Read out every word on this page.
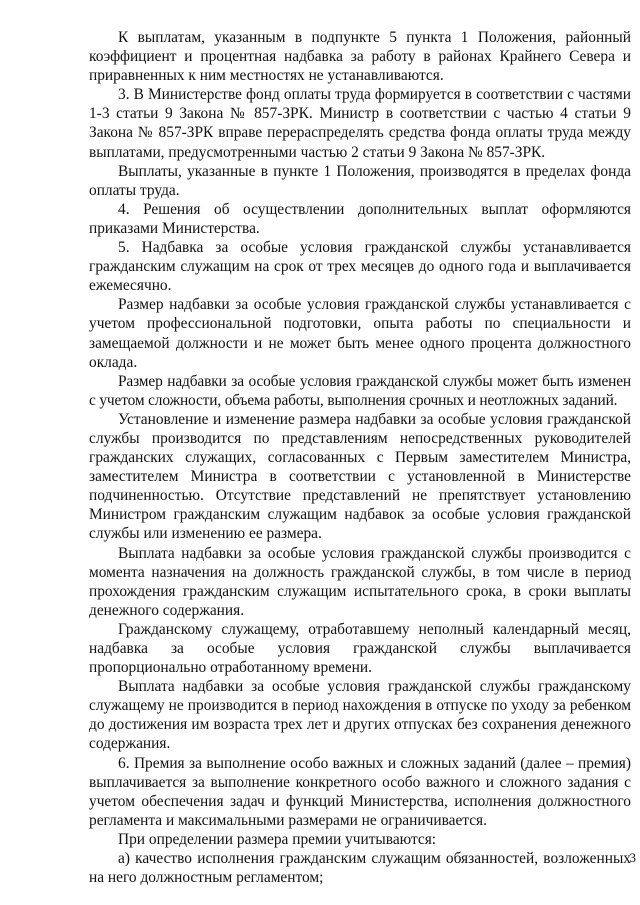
К выплатам, указанным в подпункте 5 пункта 1 Положения, районный коэффициент и процентная надбавка за работу в районах Крайнего Севера и приравненных к ним местностях не устанавливаются.

3. В Министерстве фонд оплаты труда формируется в соответствии с частями 1-3 статьи 9 Закона № 857-ЗРК. Министр в соответствии с частью 4 статьи 9 Закона № 857-ЗРК вправе перераспределять средства фонда оплаты труда между выплатами, предусмотренными частью 2 статьи 9 Закона № 857-ЗРК.

Выплаты, указанные в пункте 1 Положения, производятся в пределах фонда оплаты труда.

4. Решения об осуществлении дополнительных выплат оформляются приказами Министерства.

5. Надбавка за особые условия гражданской службы устанавливается гражданским служащим на срок от трех месяцев до одного года и выплачивается ежемесячно.

Размер надбавки за особые условия гражданской службы устанавливается с учетом профессиональной подготовки, опыта работы по специальности и замещаемой должности и не может быть менее одного процента должностного оклада.

Размер надбавки за особые условия гражданской службы может быть изменен с учетом сложности, объема работы, выполнения срочных и неотложных заданий.

Установление и изменение размера надбавки за особые условия гражданской службы производится по представлениям непосредственных руководителей гражданских служащих, согласованных с Первым заместителем Министра, заместителем Министра в соответствии с установленной в Министерстве подчиненностью. Отсутствие представлений не препятствует установлению Министром гражданским служащим надбавок за особые условия гражданской службы или изменению ее размера.

Выплата надбавки за особые условия гражданской службы производится с момента назначения на должность гражданской службы, в том числе в период прохождения гражданским служащим испытательного срока, в сроки выплаты денежного содержания.

Гражданскому служащему, отработавшему неполный календарный месяц, надбавка за особые условия гражданской службы выплачивается пропорционально отработанному времени.

Выплата надбавки за особые условия гражданской службы гражданскому служащему не производится в период нахождения в отпуске по уходу за ребенком до достижения им возраста трех лет и других отпусках без сохранения денежного содержания.

6. Премия за выполнение особо важных и сложных заданий (далее – премия) выплачивается за выполнение конкретного особо важного и сложного задания с учетом обеспечения задач и функций Министерства, исполнения должностного регламента и максимальными размерами не ограничивается.

При определении размера премии учитываются:

а) качество исполнения гражданским служащим обязанностей, возложенных на него должностным регламентом;

3
